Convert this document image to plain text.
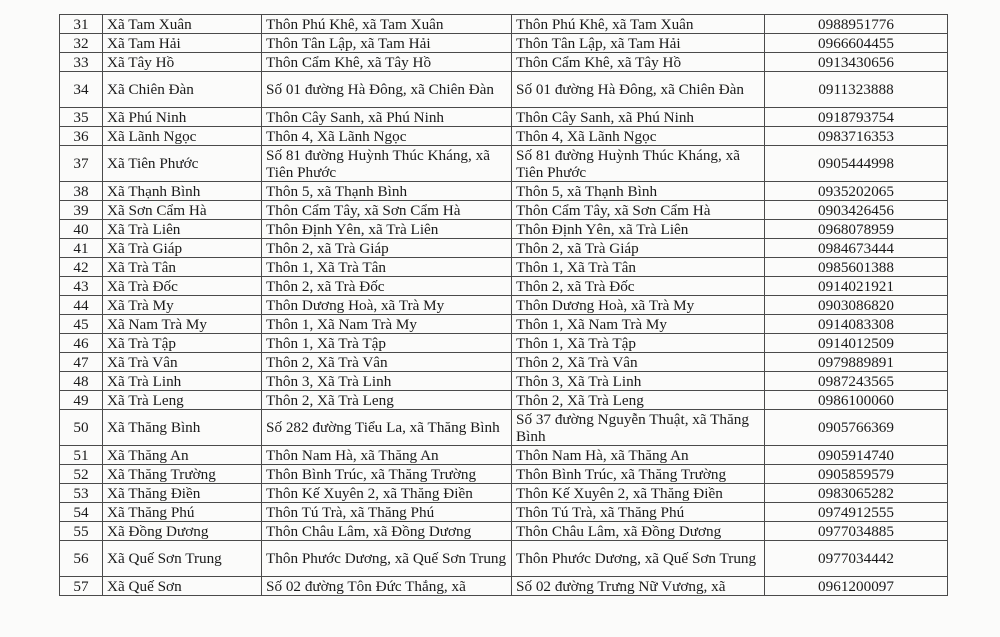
31	Xã Tam Xuân	Thôn Phú Khê, xã Tam Xuân	Thôn Phú Khê, xã Tam Xuân	0988951776
32	Xã Tam Hải	Thôn Tân Lập, xã Tam Hải	Thôn Tân Lập, xã Tam Hải	0966604455
33	Xã Tây Hồ	Thôn Cẩm Khê, xã Tây Hồ	Thôn Cẩm Khê, xã Tây Hồ	0913430656
34	Xã Chiên Đàn	Số 01 đường Hà Đông, xã Chiên Đàn	Số 01 đường Hà Đông, xã Chiên Đàn	0911323888
35	Xã Phú Ninh	Thôn Cây Sanh, xã Phú Ninh	Thôn Cây Sanh, xã Phú Ninh	0918793754
36	Xã Lãnh Ngọc	Thôn 4, Xã Lãnh Ngọc	Thôn 4, Xã Lãnh Ngọc	0983716353
37	Xã Tiên Phước	Số 81 đường Huỳnh Thúc Kháng, xã Tiên Phước	Số 81 đường Huỳnh Thúc Kháng, xã Tiên Phước	0905444998
38	Xã Thạnh Bình	Thôn 5, xã Thạnh Bình	Thôn 5, xã Thạnh Bình	0935202065
39	Xã Sơn Cẩm Hà	Thôn Cẩm Tây, xã Sơn Cẩm Hà	Thôn Cẩm Tây, xã Sơn Cẩm Hà	0903426456
40	Xã Trà Liên	Thôn Định Yên, xã Trà Liên	Thôn Định Yên, xã Trà Liên	0968078959
41	Xã Trà Giáp	Thôn 2, xã Trà Giáp	Thôn 2, xã Trà Giáp	0984673444
42	Xã Trà Tân	Thôn 1, Xã Trà Tân	Thôn 1, Xã Trà Tân	0985601388
43	Xã Trà Đốc	Thôn 2, xã Trà Đốc	Thôn 2, xã Trà Đốc	0914021921
44	Xã Trà My	Thôn Dương Hoà, xã Trà My	Thôn Dương Hoà, xã Trà My	0903086820
45	Xã Nam Trà My	Thôn 1, Xã Nam Trà My	Thôn 1, Xã Nam Trà My	0914083308
46	Xã Trà Tập	Thôn 1, Xã Trà Tập	Thôn 1, Xã Trà Tập	0914012509
47	Xã Trà Vân	Thôn 2, Xã Trà Vân	Thôn 2, Xã Trà Vân	0979889891
48	Xã Trà Linh	Thôn 3, Xã Trà Linh	Thôn 3, Xã Trà Linh	0987243565
49	Xã Trà Leng	Thôn 2, Xã Trà Leng	Thôn 2, Xã Trà Leng	0986100060
50	Xã Thăng Bình	Số 282 đường Tiểu La, xã Thăng Bình	Số 37 đường Nguyễn Thuật, xã Thăng Bình	0905766369
51	Xã Thăng An	Thôn Nam Hà, xã Thăng An	Thôn Nam Hà, xã Thăng An	0905914740
52	Xã Thăng Trường	Thôn Bình Trúc, xã Thăng Trường	Thôn Bình Trúc, xã Thăng Trường	0905859579
53	Xã Thăng Điền	Thôn Kế Xuyên 2, xã Thăng Điền	Thôn Kế Xuyên 2, xã Thăng Điền	0983065282
54	Xã Thăng Phú	Thôn Tú Trà, xã Thăng Phú	Thôn Tú Trà, xã Thăng Phú	0974912555
55	Xã Đồng Dương	Thôn Châu Lâm, xã Đồng Dương	Thôn Châu Lâm, xã Đồng Dương	0977034885
56	Xã Quế Sơn Trung	Thôn Phước Dương, xã Quế Sơn Trung	Thôn Phước Dương, xã Quế Sơn Trung	0977034442
57	Xã Quế Sơn	Số 02 đường Tôn Đức Thắng, xã	Số 02 đường Trưng Nữ Vương, xã	0961200097
